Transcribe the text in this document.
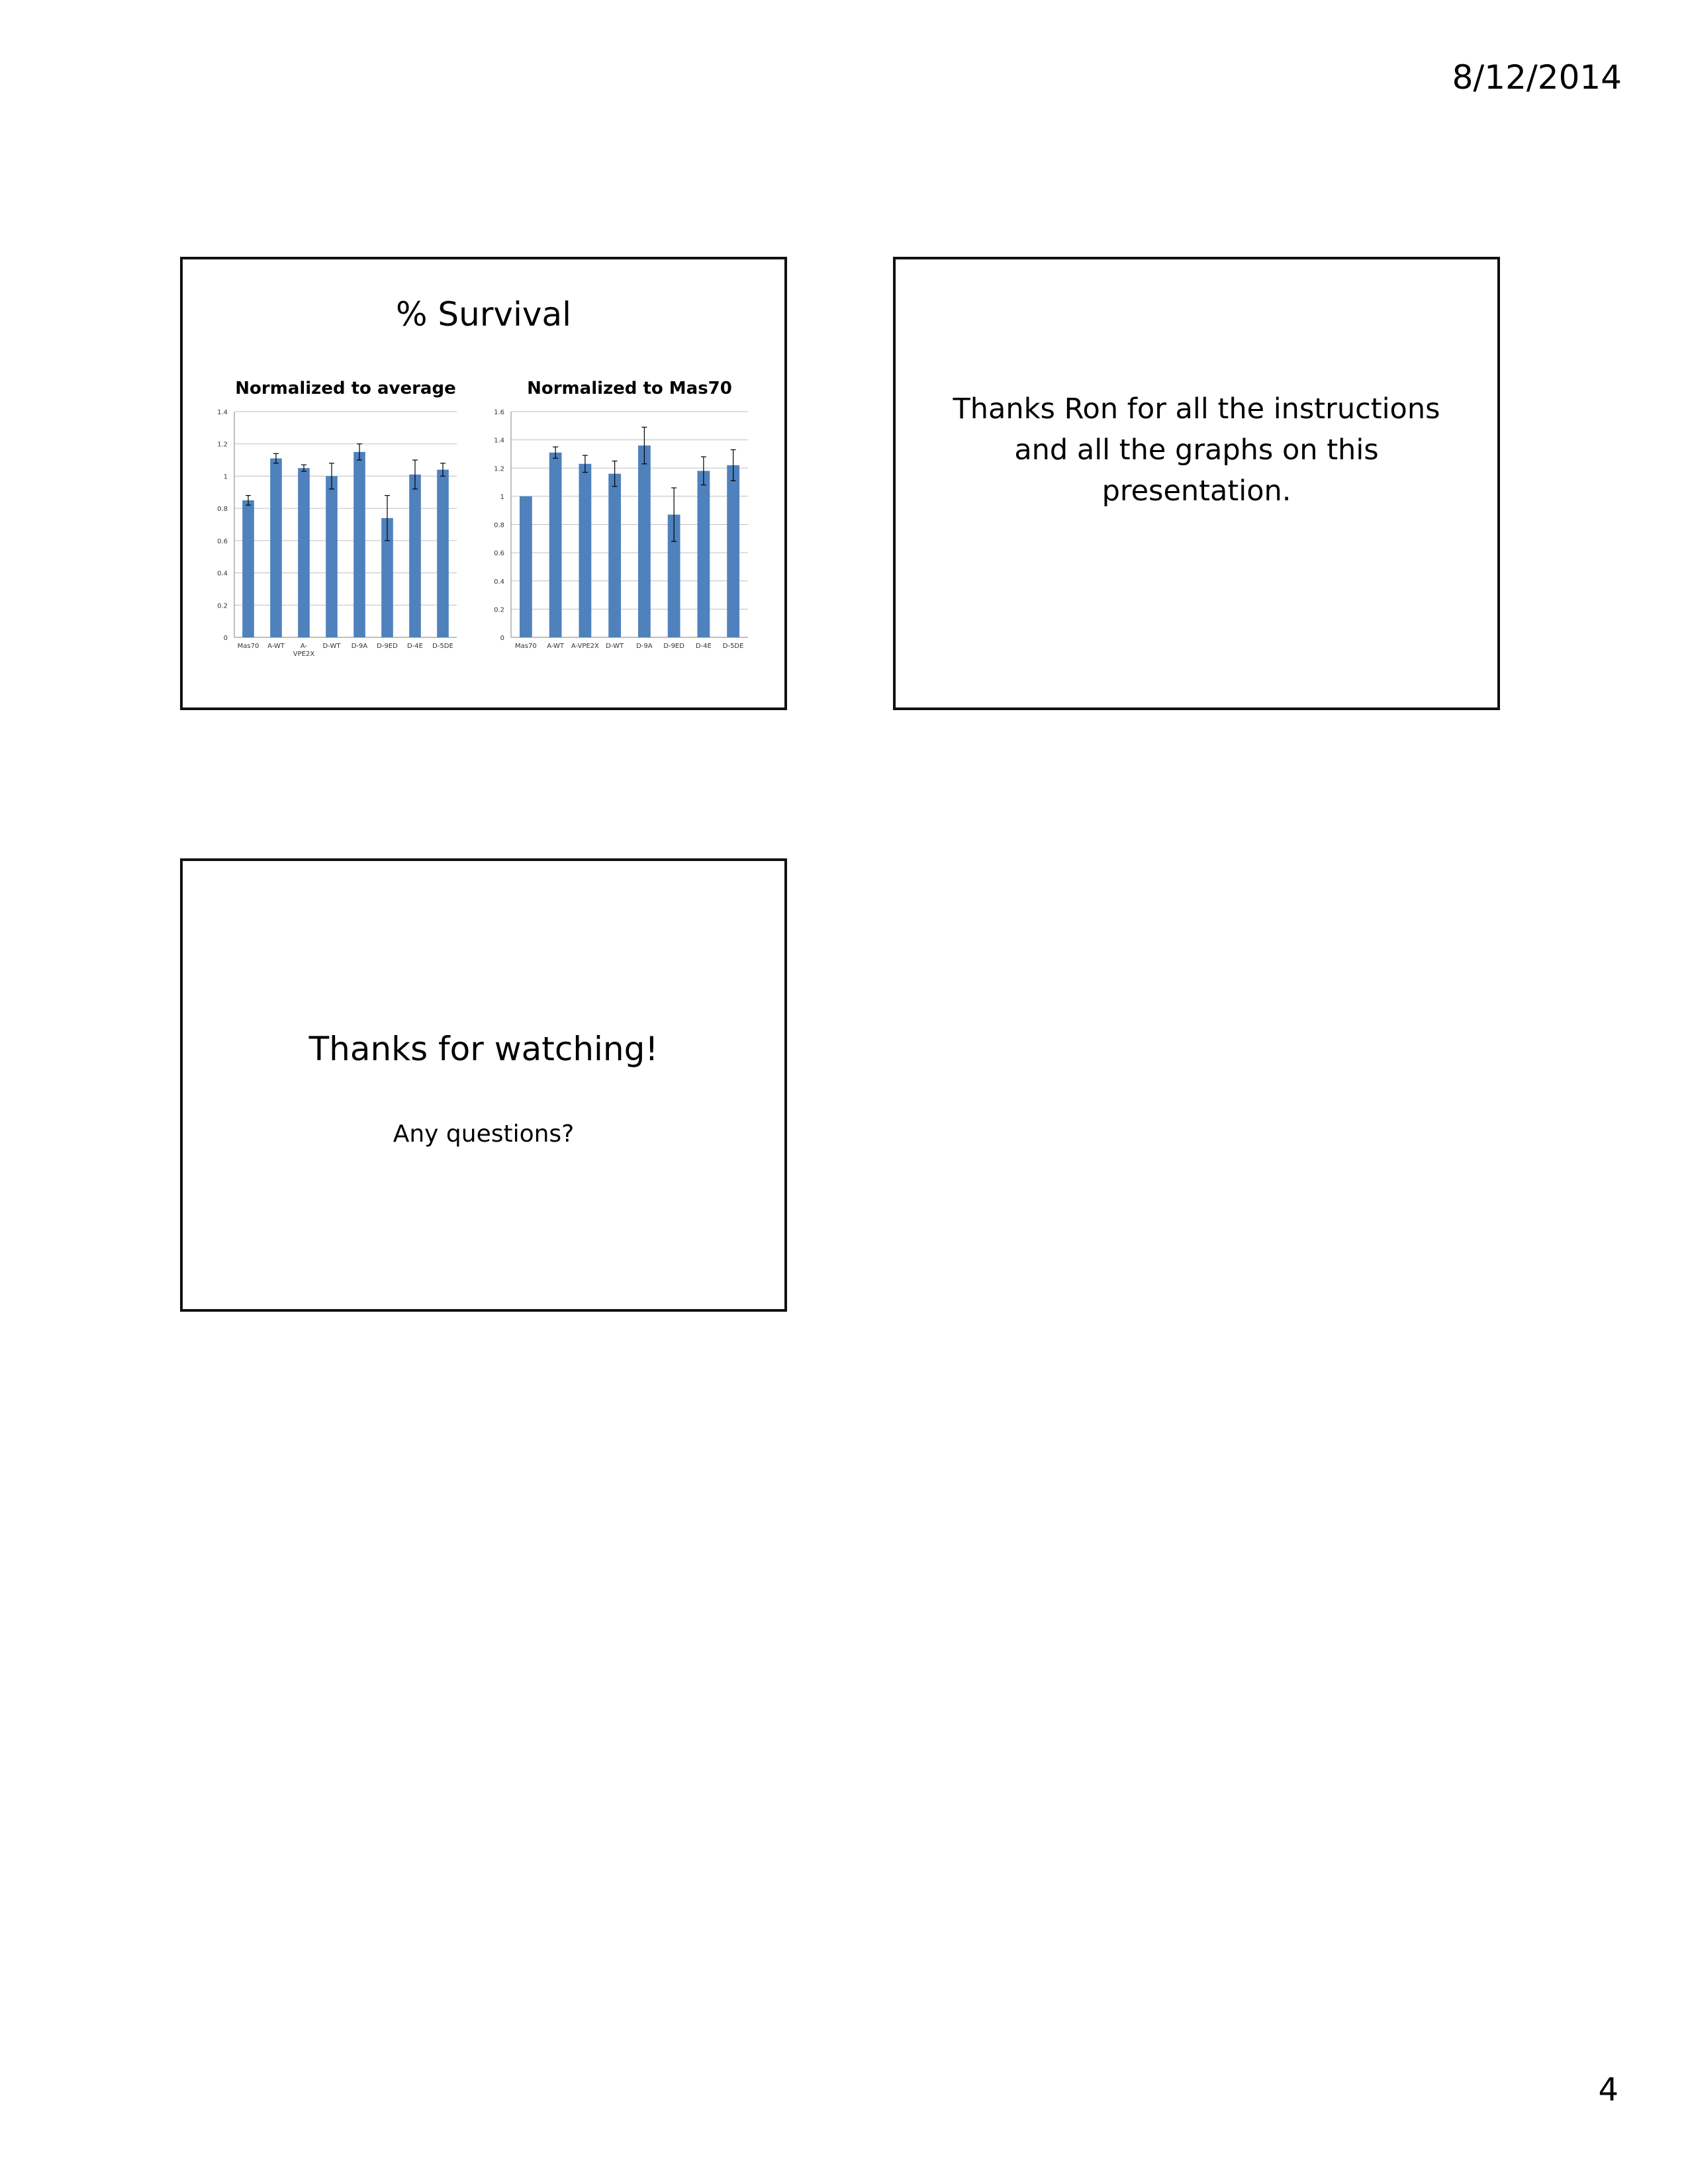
8/12/2014
% Survival
Normalized to average
0
0.2
0.4
0.6
0.8
1
1.2
1.4
Mas70 A-WT A-
VPE2X
D-WT D-9A D-9ED D-4E D-5DE
Normalized to Mas70
0
0.2
0.4
0.6
0.8
1
1.2
1.4
1.6
Mas70 A-WT A-VPE2X D-WT D-9A D-9ED D-4E D-5DE
Thanks Ron for all the instructions and all the graphs on this presentation.
Thanks for watching!
Any questions?
4
